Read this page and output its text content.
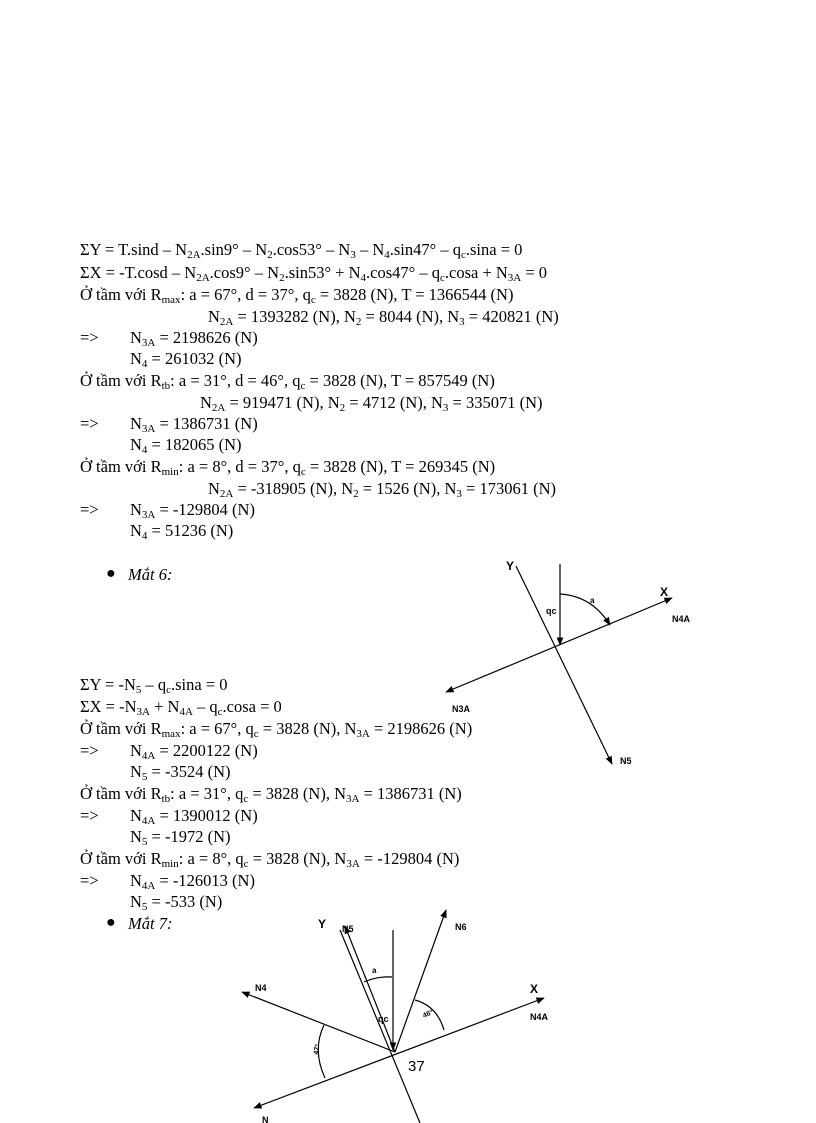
$\Sigma Y = T.\sin d - N_{2A}.\sin 9^\circ - N_2.\cos 53^\circ - N_3 - N_4.\sin 47^\circ - q_c.\sin a = 0$
$\Sigma X = -T.\cos d - N_{2A}.\cos 9^\circ - N_2.\sin 53^\circ + N_4.\cos 47^\circ - q_c.\cos a + N_{3A} = 0$
Ở tầm với $R_{max}$: a = 67°, d = 37°, $q_c = 3828$ (N), T = 1366544 (N)
$N_{2A} = 1393282$ (N), $N_2 = 8044$ (N), $N_3 = 420821$ (N)
=> $N_{3A} = 2198626$ (N)
$N_4 = 261032$ (N)
Ở tầm với $R_{tb}$: a = 31°, d = 46°, $q_c = 3828$ (N), T = 857549 (N)
$N_{2A} = 919471$ (N), $N_2 = 4712$ (N), $N_3 = 335071$ (N)
=> $N_{3A} = 1386731$ (N)
$N_4 = 182065$ (N)
Ở tầm với $R_{min}$: a = 8°, d = 37°, $q_c = 3828$ (N), T = 269345 (N)
$N_{2A} = -318905$ (N), $N_2 = 1526$ (N), $N_3 = 173061$ (N)
=> $N_{3A} = -129804$ (N)
$N_4 = 51236$ (N)
● Mắt 6:
$\Sigma Y = -N_5 - q_c.\sin a = 0$
$\Sigma X = -N_{3A} + N_{4A} - q_c.\cos a = 0$
Ở tầm với $R_{max}$: a = 67°, $q_c = 3828$ (N), $N_{3A} = 2198626$ (N)
=> $N_{4A} = 2200122$ (N)
$N_5 = -3524$ (N)
Ở tầm với $R_{tb}$: a = 31°, $q_c = 3828$ (N), $N_{3A} = 1386731$ (N)
=> $N_{4A} = 1390012$ (N)
$N_5 = -1972$ (N)
Ở tầm với $R_{min}$: a = 8°, $q_c = 3828$ (N), $N_{3A} = -129804$ (N)
=> $N_{4A} = -126013$ (N)
$N_5 = -533$ (N)
● Mắt 7:
Y
X
N4A
qc
a
N3A
N5
Y N5	N6
N4	X
N4A
a
qc	46°
47°
37
N
